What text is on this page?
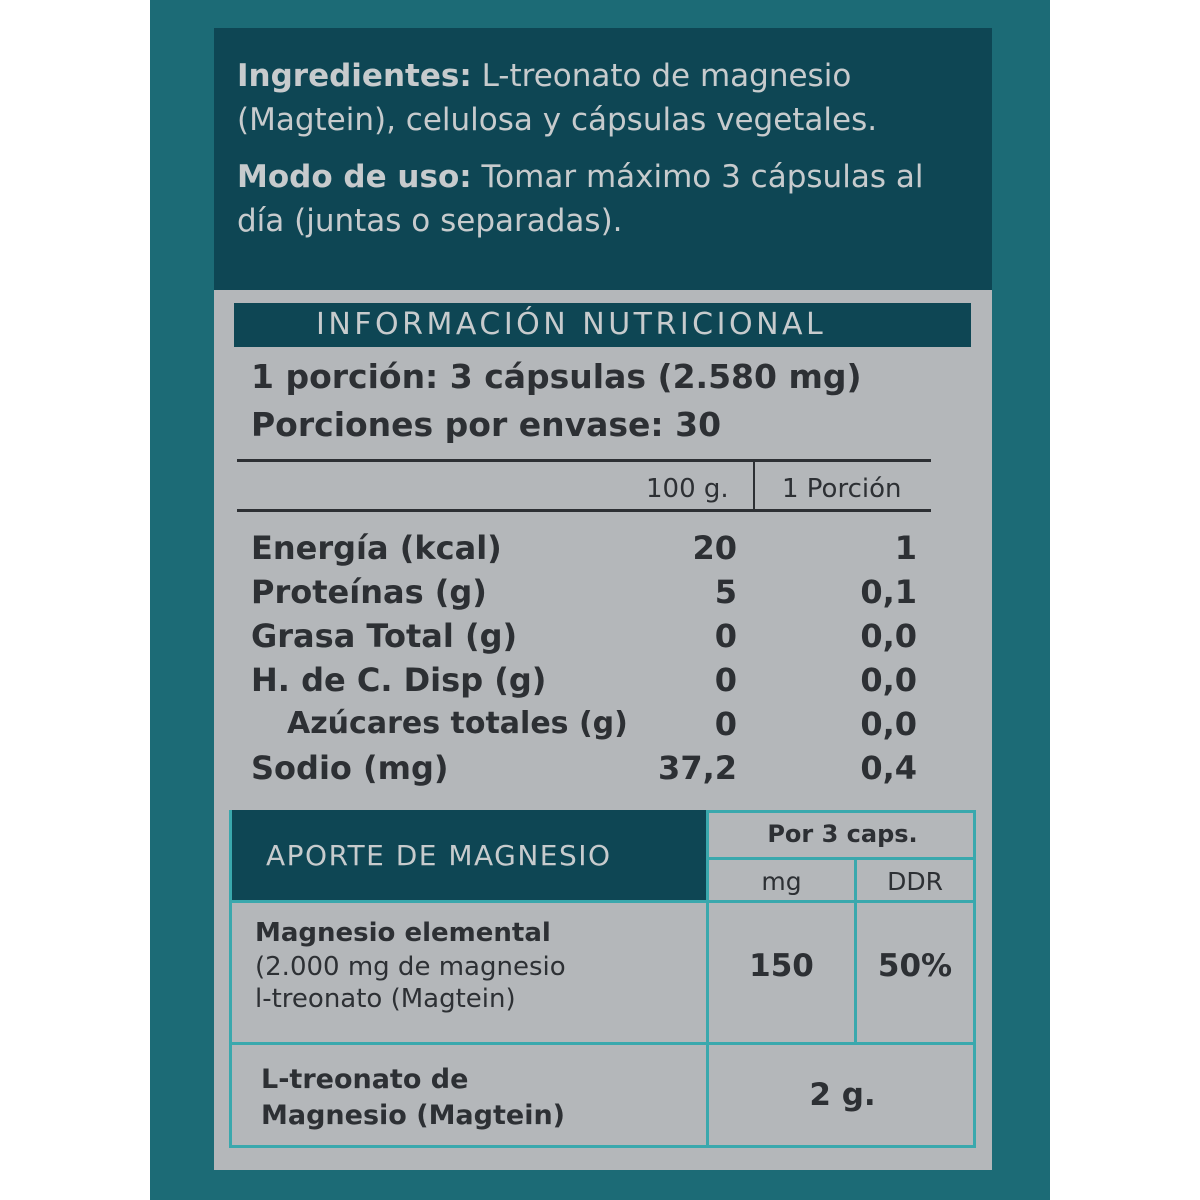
Ingredientes: L-treonato de magnesio
(Magtein), celulosa y cápsulas vegetales.
Modo de uso: Tomar máximo 3 cápsulas al
día (juntas o separadas).
INFORMACIÓN NUTRICIONAL
1 porción: 3 cápsulas (2.580 mg)
Porciones por envase: 30
100 g. 1 Porción
Energía (kcal)	20	1
Proteínas (g)	5	0,1
Grasa Total (g)	0	0,0
H. de C. Disp (g)	0	0,0
Azúcares totales (g)	0	0,0
Sodio (mg)	37,2	0,4
APORTE DE MAGNESIO
Por 3 caps.
mg	DDR
Magnesio elemental
(2.000 mg de magnesio
l-treonato (Magtein)
150	50%
L-treonato de
Magnesio (Magtein)
2 g.
